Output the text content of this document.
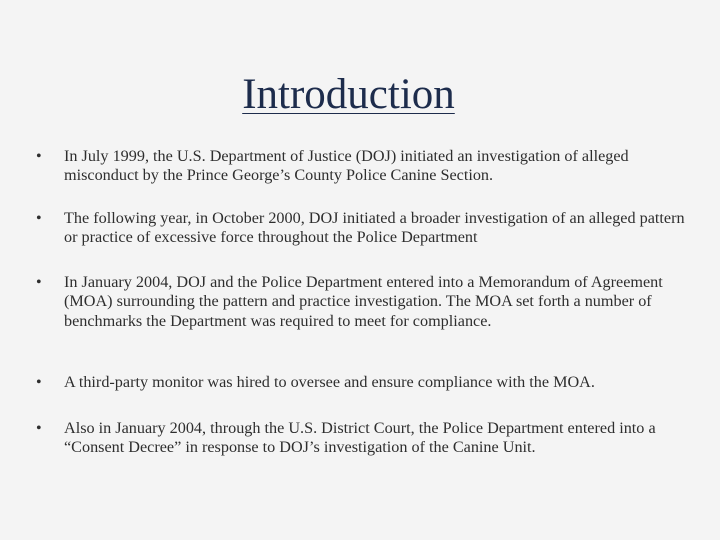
Introduction
• In July 1999, the U.S. Department of Justice (DOJ) initiated an investigation of alleged misconduct by the Prince George’s County Police Canine Section.
• The following year, in October 2000, DOJ initiated a broader investigation of an alleged pattern or practice of excessive force throughout the Police Department
• In January 2004, DOJ and the Police Department entered into a Memorandum of Agreement (MOA) surrounding the pattern and practice investigation. The MOA set forth a number of benchmarks the Department was required to meet for compliance.
• A third-party monitor was hired to oversee and ensure compliance with the MOA.
• Also in January 2004, through the U.S. District Court, the Police Department entered into a “Consent Decree” in response to DOJ’s investigation of the Canine Unit.
